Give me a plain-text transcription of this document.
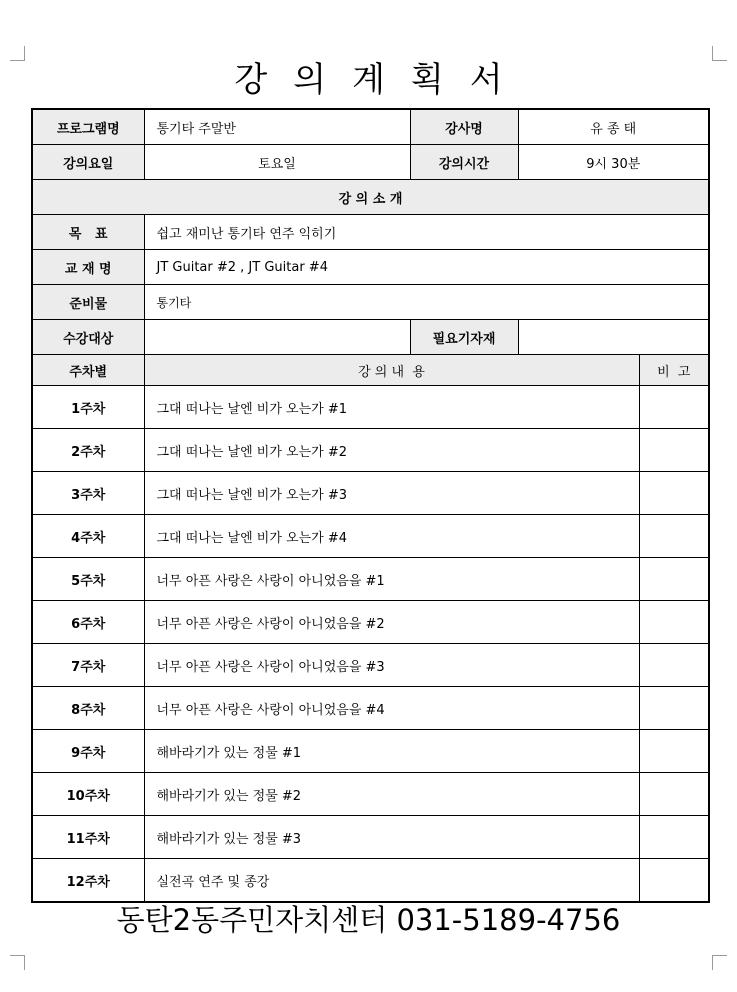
강의계획서
프로그램명	통기타 주말반	강사명	유 종 태	
강의요일	토요일	강의시간	9시 30분	
강 의 소 개				
목   표	쉽고 재미난 통기타 연주 익히기			
교 재 명	JT Guitar #2 , JT Guitar #4			
준비물	통기타			
수강대상		필요기자재		
주차별	강 의 내  용			비  고
1주차	그대 떠나는 날엔 비가 오는가 #1			
2주차	그대 떠나는 날엔 비가 오는가 #2			
3주차	그대 떠나는 날엔 비가 오는가 #3			
4주차	그대 떠나는 날엔 비가 오는가 #4			
5주차	너무 아픈 사랑은 사랑이 아니었음을 #1			
6주차	너무 아픈 사랑은 사랑이 아니었음을 #2			
7주차	너무 아픈 사랑은 사랑이 아니었음을 #3			
8주차	너무 아픈 사랑은 사랑이 아니었음을 #4			
9주차	해바라기가 있는 정물 #1			
10주차	해바라기가 있는 정물 #2			
11주차	해바라기가 있는 정물 #3			
12주차	실전곡 연주 및 종강			
동탄2동주민자치센터 031-5189-4756
